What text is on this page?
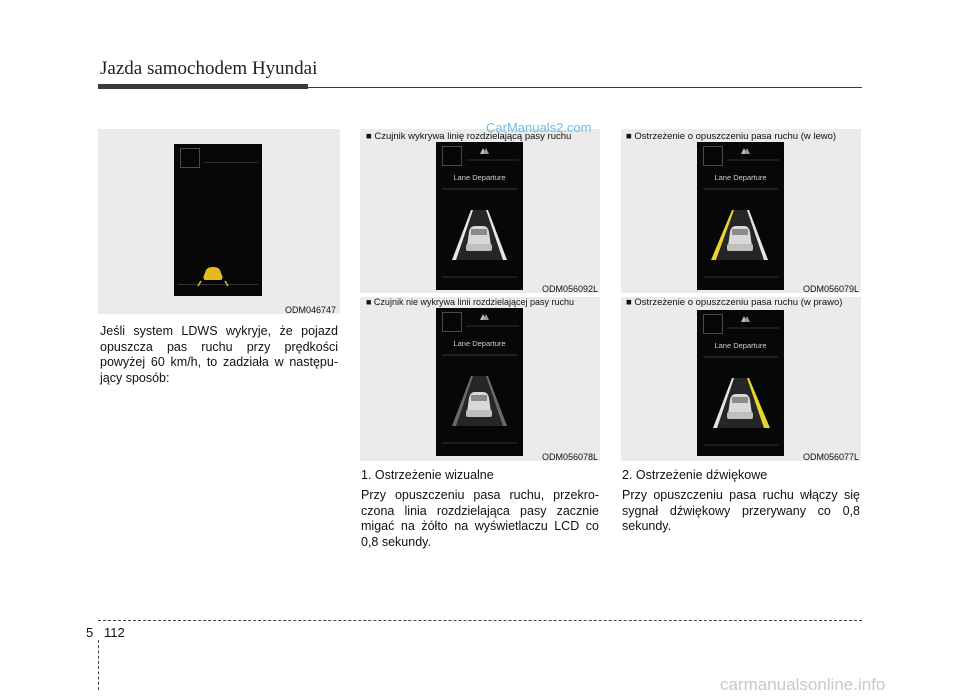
Jazda samochodem Hyundai
ODM046747
Jeśli system LDWS wykryje, że pojazd opuszcza pas ruchu przy prędkości powyżej 60 km/h, to zadziała w następu-jący sposób:
■ Czujnik wykrywa linię rozdzielającą pasy ruchu
Lane Departure
ODM056092L
■ Czujnik nie wykrywa linii rozdzielającej pasy ruchu
Lane Departure
ODM056078L
1. Ostrzeżenie wizualne
Przy opuszczeniu pasa ruchu, przekro-czona linia rozdzielająca pasy zacznie migać na żółto na wyświetlaczu LCD co 0,8 sekundy.
■ Ostrzeżenie o opuszczeniu pasa ruchu (w lewo)
Lane Departure
ODM056079L
■ Ostrzeżenie o opuszczeniu pasa ruchu (w prawo)
Lane Departure
ODM056077L
2. Ostrzeżenie dźwiękowe
Przy opuszczeniu pasa ruchu włączy się sygnał dźwiękowy przerywany co 0,8 sekundy.
CarManuals2.com
5 112
carmanualsonline.info
